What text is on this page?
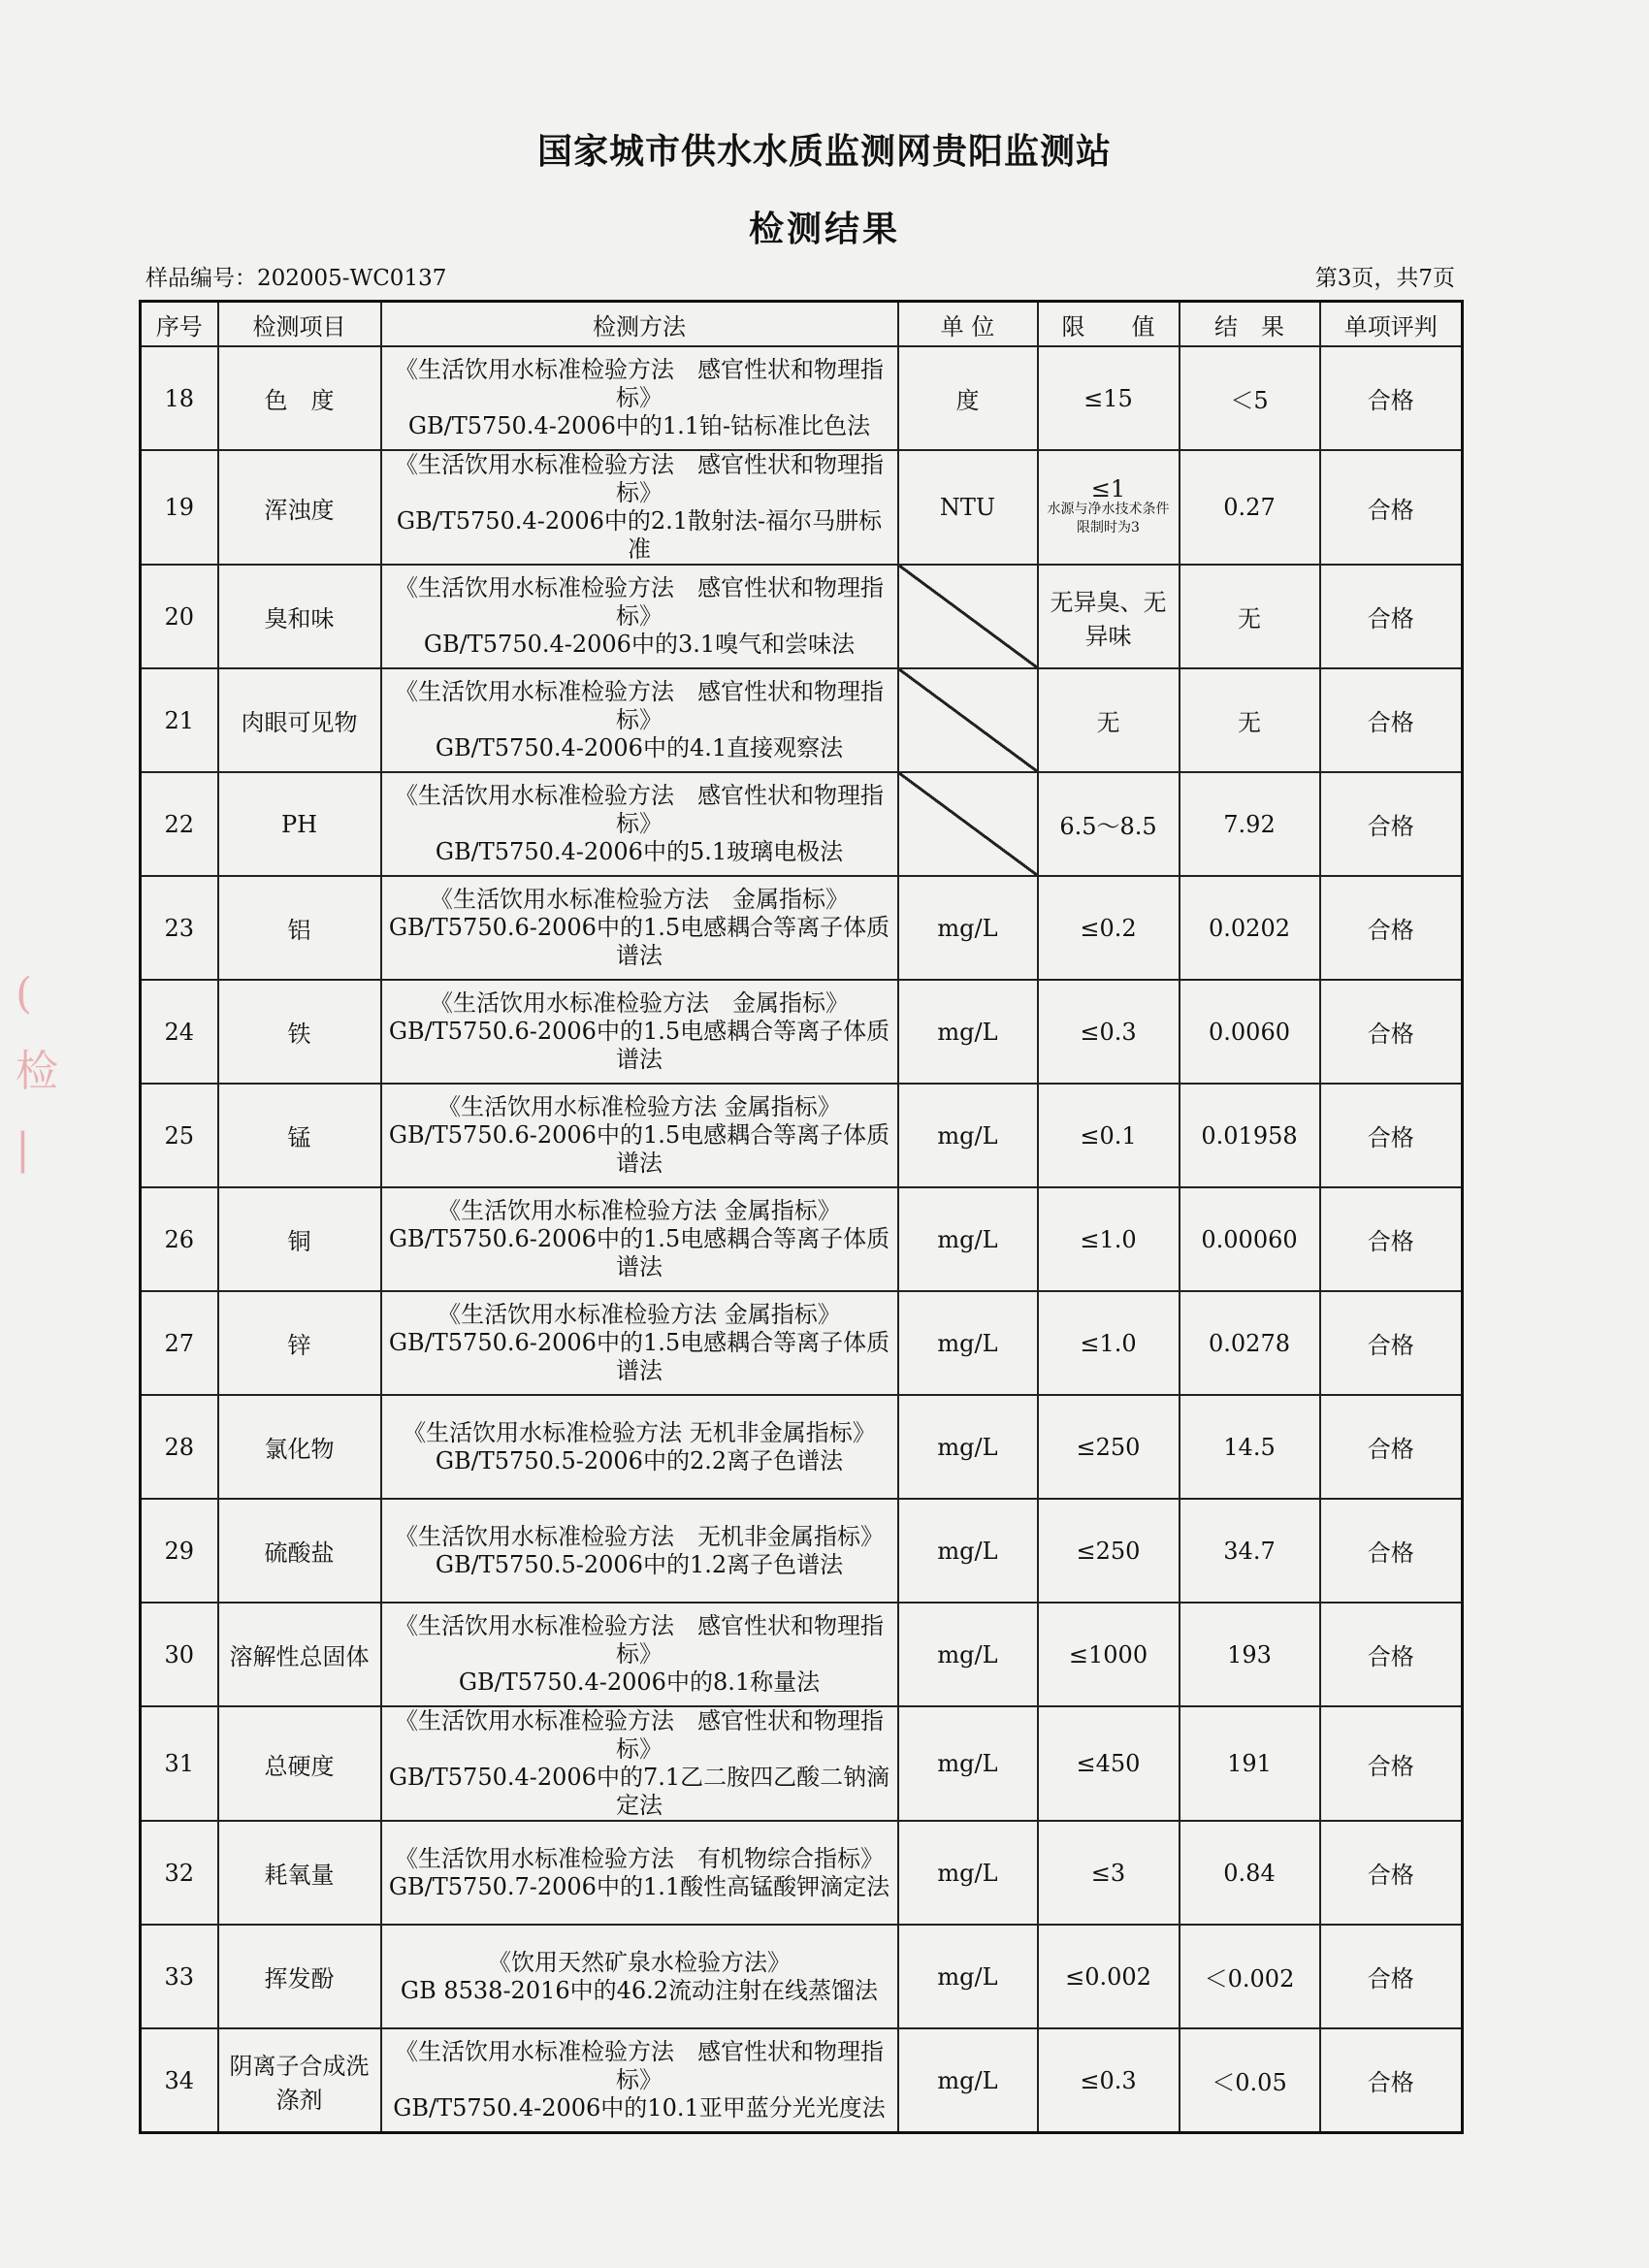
国家城市供水水质监测网贵阳监测站
检测结果
样品编号：202005-WC0137	第3页，共7页
(
检
|
序号	检测项目	检测方法	单 位	限　　值	结　果	单项评判
18	色　度	《生活饮用水标准检验方法　感官性状和物理指标》
GB/T5750.4-2006中的1.1铂-钴标准比色法	度	≤15	＜5	合格
19	浑浊度	《生活饮用水标准检验方法　感官性状和物理指标》
GB/T5750.4-2006中的2.1散射法-福尔马肼标准	NTU	≤1
水源与净水技术条件限制时为3	0.27	合格
20	臭和味	《生活饮用水标准检验方法　感官性状和物理指标》
GB/T5750.4-2006中的3.1嗅气和尝味法		无异臭、无异味	无	合格
21	肉眼可见物	《生活饮用水标准检验方法　感官性状和物理指标》
GB/T5750.4-2006中的4.1直接观察法		无	无	合格
22	PH	《生活饮用水标准检验方法　感官性状和物理指标》
GB/T5750.4-2006中的5.1玻璃电极法		6.5～8.5	7.92	合格
23	铝	《生活饮用水标准检验方法　金属指标》
GB/T5750.6-2006中的1.5电感耦合等离子体质谱法	mg/L	≤0.2	0.0202	合格
24	铁	《生活饮用水标准检验方法　金属指标》
GB/T5750.6-2006中的1.5电感耦合等离子体质谱法	mg/L	≤0.3	0.0060	合格
25	锰	《生活饮用水标准检验方法 金属指标》
GB/T5750.6-2006中的1.5电感耦合等离子体质谱法	mg/L	≤0.1	0.01958	合格
26	铜	《生活饮用水标准检验方法 金属指标》
GB/T5750.6-2006中的1.5电感耦合等离子体质谱法	mg/L	≤1.0	0.00060	合格
27	锌	《生活饮用水标准检验方法 金属指标》
GB/T5750.6-2006中的1.5电感耦合等离子体质谱法	mg/L	≤1.0	0.0278	合格
28	氯化物	《生活饮用水标准检验方法 无机非金属指标》
GB/T5750.5-2006中的2.2离子色谱法	mg/L	≤250	14.5	合格
29	硫酸盐	《生活饮用水标准检验方法　无机非金属指标》
GB/T5750.5-2006中的1.2离子色谱法	mg/L	≤250	34.7	合格
30	溶解性总固体	《生活饮用水标准检验方法　感官性状和物理指标》
GB/T5750.4-2006中的8.1称量法	mg/L	≤1000	193	合格
31	总硬度	《生活饮用水标准检验方法　感官性状和物理指标》
GB/T5750.4-2006中的7.1乙二胺四乙酸二钠滴定法	mg/L	≤450	191	合格
32	耗氧量	《生活饮用水标准检验方法　有机物综合指标》
GB/T5750.7-2006中的1.1酸性高锰酸钾滴定法	mg/L	≤3	0.84	合格
33	挥发酚	《饮用天然矿泉水检验方法》
GB 8538-2016中的46.2流动注射在线蒸馏法	mg/L	≤0.002	＜0.002	合格
34	阴离子合成洗涤剂	《生活饮用水标准检验方法　感官性状和物理指标》
GB/T5750.4-2006中的10.1亚甲蓝分光光度法	mg/L	≤0.3	＜0.05	合格
